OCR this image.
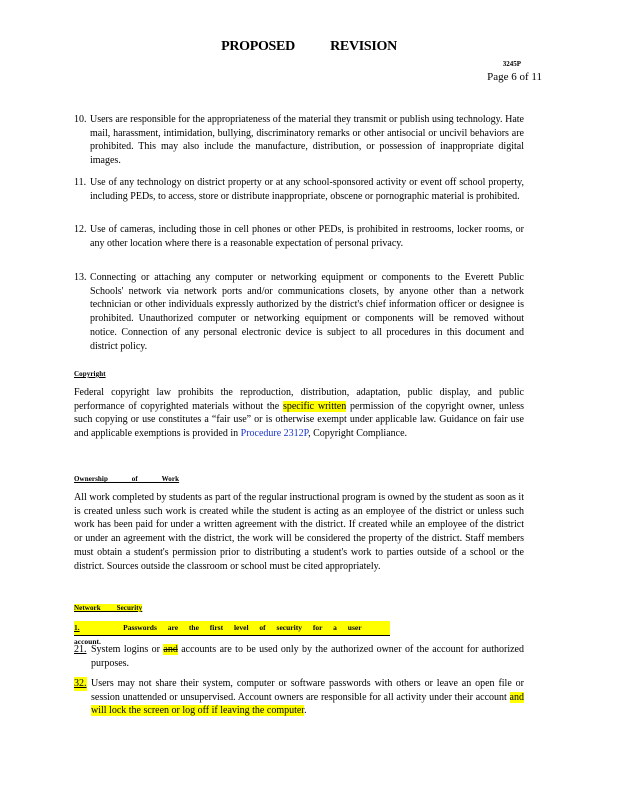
PROPOSED REVISION
3245P
Page 6 of 11
10. Users are responsible for the appropriateness of the material they transmit or publish using technology. Hate mail, harassment, intimidation, bullying, discriminatory remarks or other antisocial or uncivil behaviors are prohibited. This may also include the manufacture, distribution, or possession of inappropriate digital images.
11. Use of any technology on district property or at any school-sponsored activity or event off school property, including PEDs, to access, store or distribute inappropriate, obscene or pornographic material is prohibited.
12. Use of cameras, including those in cell phones or other PEDs, is prohibited in restrooms, locker rooms, or any other location where there is a reasonable expectation of personal privacy.
13. Connecting or attaching any computer or networking equipment or components to the Everett Public Schools' network via network ports and/or communications closets, by anyone other than a network technician or other individuals expressly authorized by the district's chief information officer or designee is prohibited. Unauthorized computer or networking equipment or components will be removed without notice. Connection of any personal electronic device is subject to all procedures in this document and district policy.
Copyright
Federal copyright law prohibits the reproduction, distribution, adaptation, public display, and public performance of copyrighted materials without the specific written permission of the copyright owner, unless such copying or use constitutes a “fair use” or is otherwise exempt under applicable law. Guidance on fair use and applicable exemptions is provided in Procedure 2312P, Copyright Compliance.
Ownership of Work
All work completed by students as part of the regular instructional program is owned by the student as soon as it is created unless such work is created while the student is acting as an employee of the district or unless such work has been paid for under a written agreement with the district. If created while an employee of the district or under an agreement with the district, the work will be considered the property of the district. Staff members must obtain a student's permission prior to distributing a student's work to parties outside of a school or the district. Sources outside the classroom or school must be cited appropriately.
Network Security
1.	Passwords are the first level of security for a user account.
21. System logins or and accounts are to be used only by the authorized owner of the account for authorized purposes.
32. Users may not share their system, computer or software passwords with others or leave an open file or session unattended or unsupervised. Account owners are responsible for all activity under their account and will lock the screen or log off if leaving the computer.
